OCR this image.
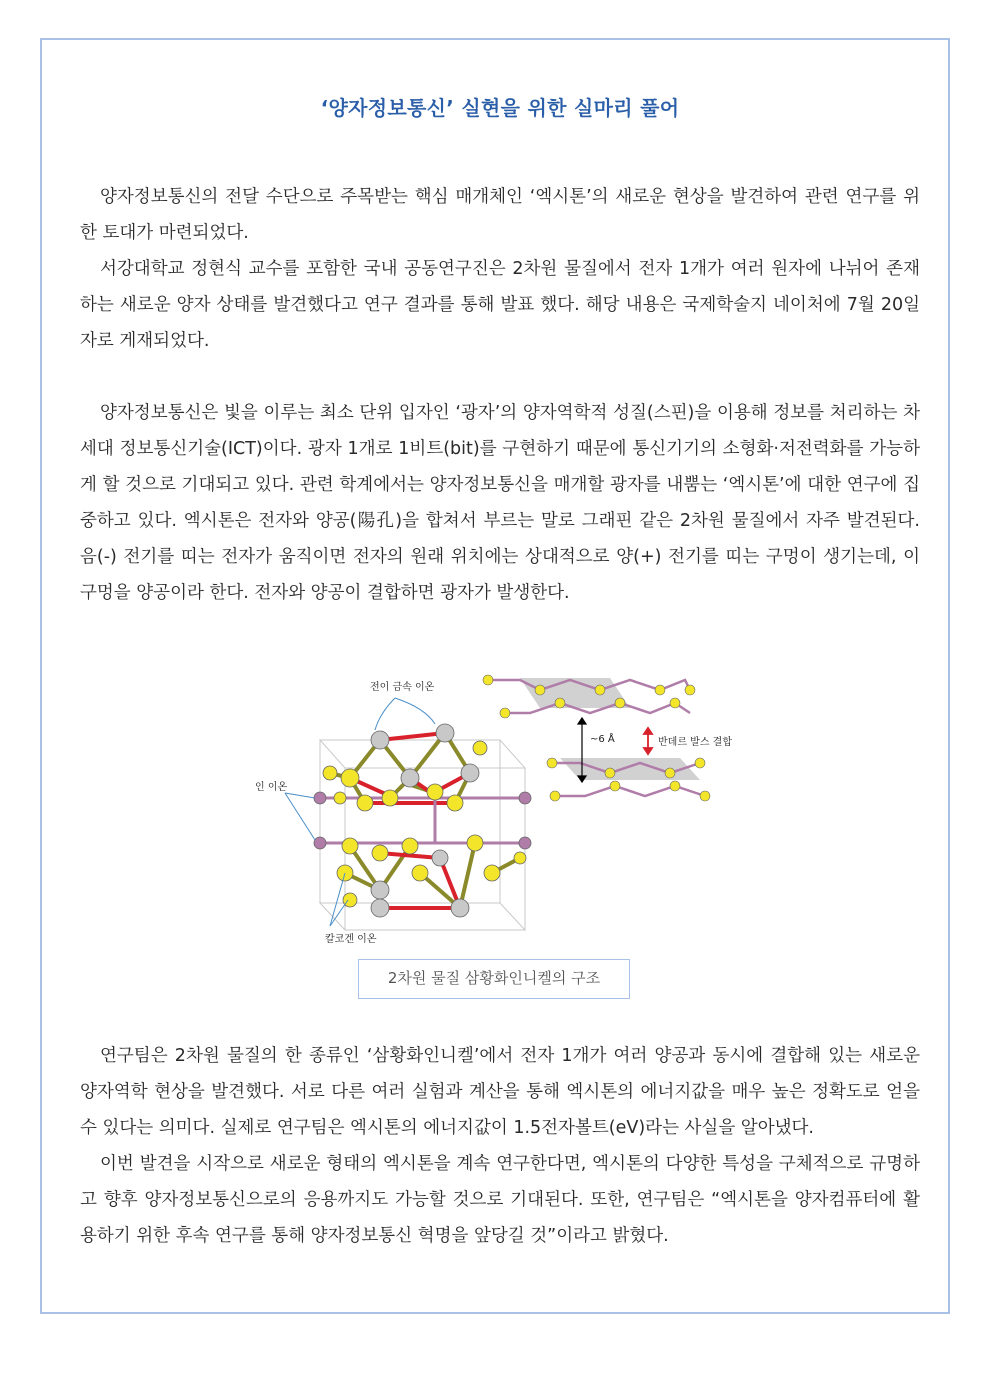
‘양자정보통신’ 실현을 위한 실마리 풀어

양자정보통신의 전달 수단으로 주목받는 핵심 매개체인 ‘엑시톤’의 새로운 현상을 발견하여 관련 연구를 위한 토대가 마련되었다.

서강대학교 정현식 교수를 포함한 국내 공동연구진은 2차원 물질에서 전자 1개가 여러 원자에 나뉘어 존재하는 새로운 양자 상태를 발견했다고 연구 결과를 통해 발표 했다. 해당 내용은 국제학술지 네이처에 7월 20일자로 게재되었다.

양자정보통신은 빛을 이루는 최소 단위 입자인 ‘광자’의 양자역학적 성질(스핀)을 이용해 정보를 처리하는 차세대 정보통신기술(ICT)이다. 광자 1개로 1비트(bit)를 구현하기 때문에 통신기기의 소형화·저전력화를 가능하게 할 것으로 기대되고 있다. 관련 학계에서는 양자정보통신을 매개할 광자를 내뿜는 ‘엑시톤’에 대한 연구에 집중하고 있다. 엑시톤은 전자와 양공(陽孔)을 합쳐서 부르는 말로 그래핀 같은 2차원 물질에서 자주 발견된다. 음(-) 전기를 띠는 전자가 움직이면 전자의 원래 위치에는 상대적으로 양(+) 전기를 띠는 구멍이 생기는데, 이 구멍을 양공이라 한다. 전자와 양공이 결합하면 광자가 발생한다.

전이 금속 이온
인 이온
칼코겐 이온
~6 Å	반데르 발스 결합
2차원 물질 삼황화인니켈의 구조

연구팀은 2차원 물질의 한 종류인 ‘삼황화인니켈’에서 전자 1개가 여러 양공과 동시에 결합해 있는 새로운 양자역학 현상을 발견했다. 서로 다른 여러 실험과 계산을 통해 엑시톤의 에너지값을 매우 높은 정확도로 얻을 수 있다는 의미다. 실제로 연구팀은 엑시톤의 에너지값이 1.5전자볼트(eV)라는 사실을 알아냈다.

이번 발견을 시작으로 새로운 형태의 엑시톤을 계속 연구한다면, 엑시톤의 다양한 특성을 구체적으로 규명하고 향후 양자정보통신으로의 응용까지도 가능할 것으로 기대된다. 또한, 연구팀은 “엑시톤을 양자컴퓨터에 활용하기 위한 후속 연구를 통해 양자정보통신 혁명을 앞당길 것”이라고 밝혔다.
